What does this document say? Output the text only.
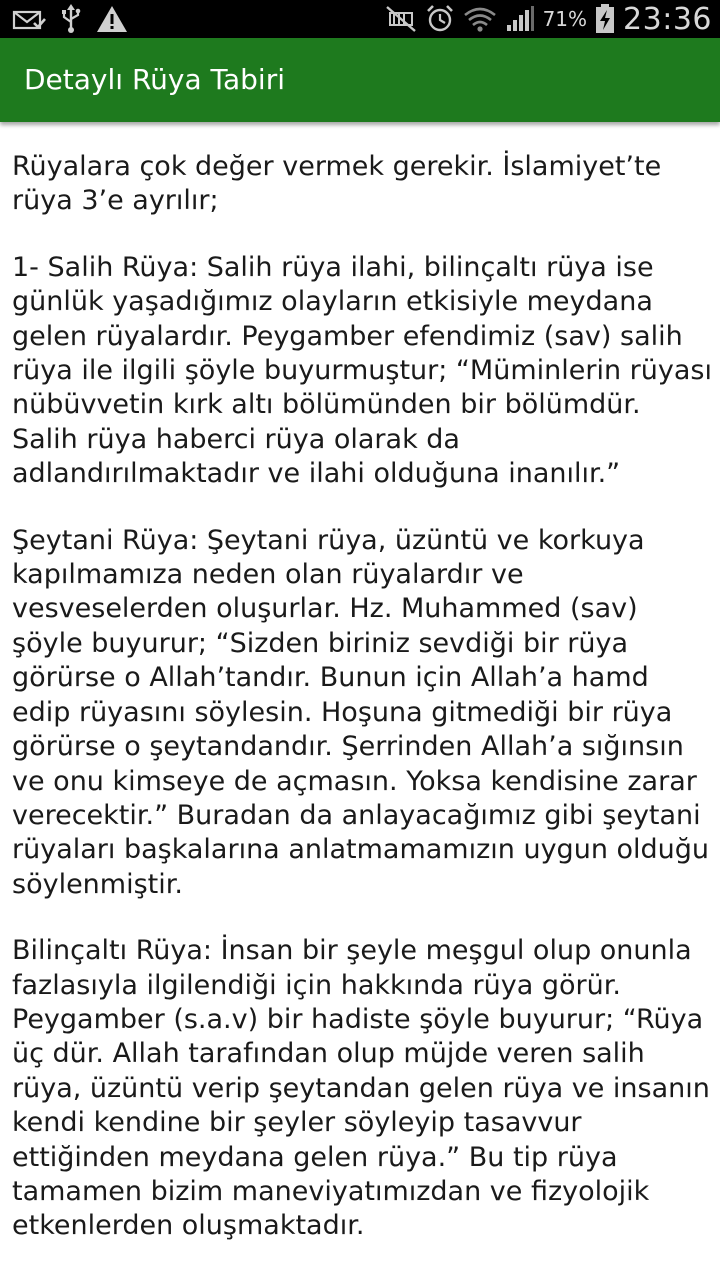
71% 23:36
Detaylı Rüya Tabiri

Rüyalara çok değer vermek gerekir. İslamiyet’te rüya 3’e ayrılır;

1- Salih Rüya: Salih rüya ilahi, bilinçaltı rüya ise günlük yaşadığımız olayların etkisiyle meydana gelen rüyalardır. Peygamber efendimiz (sav) salih rüya ile ilgili şöyle buyurmuştur; “Müminlerin rüyası nübüvvetin kırk altı bölümünden bir bölümdür. Salih rüya haberci rüya olarak da adlandırılmaktadır ve ilahi olduğuna inanılır.”

Şeytani Rüya: Şeytani rüya, üzüntü ve korkuya kapılmamıza neden olan rüyalardır ve vesveselerden oluşurlar. Hz. Muhammed (sav) şöyle buyurur; “Sizden biriniz sevdiği bir rüya görürse o Allah’tandır. Bunun için Allah’a hamd edip rüyasını söylesin. Hoşuna gitmediği bir rüya görürse o şeytandandır. Şerrinden Allah’a sığınsın ve onu kimseye de açmasın. Yoksa kendisine zarar verecektir.” Buradan da anlayacağımız gibi şeytani rüyaları başkalarına anlatmamamızın uygun olduğu söylenmiştir.

Bilinçaltı Rüya: İnsan bir şeyle meşgul olup onunla fazlasıyla ilgilendiği için hakkında rüya görür. Peygamber (s.a.v) bir hadiste şöyle buyurur; “Rüya üç dür. Allah tarafından olup müjde veren salih rüya, üzüntü verip şeytandan gelen rüya ve insanın kendi kendine bir şeyler söyleyip tasavvur ettiğinden meydana gelen rüya.” Bu tip rüya tamamen bizim maneviyatımızdan ve fizyolojik etkenlerden oluşmaktadır.
